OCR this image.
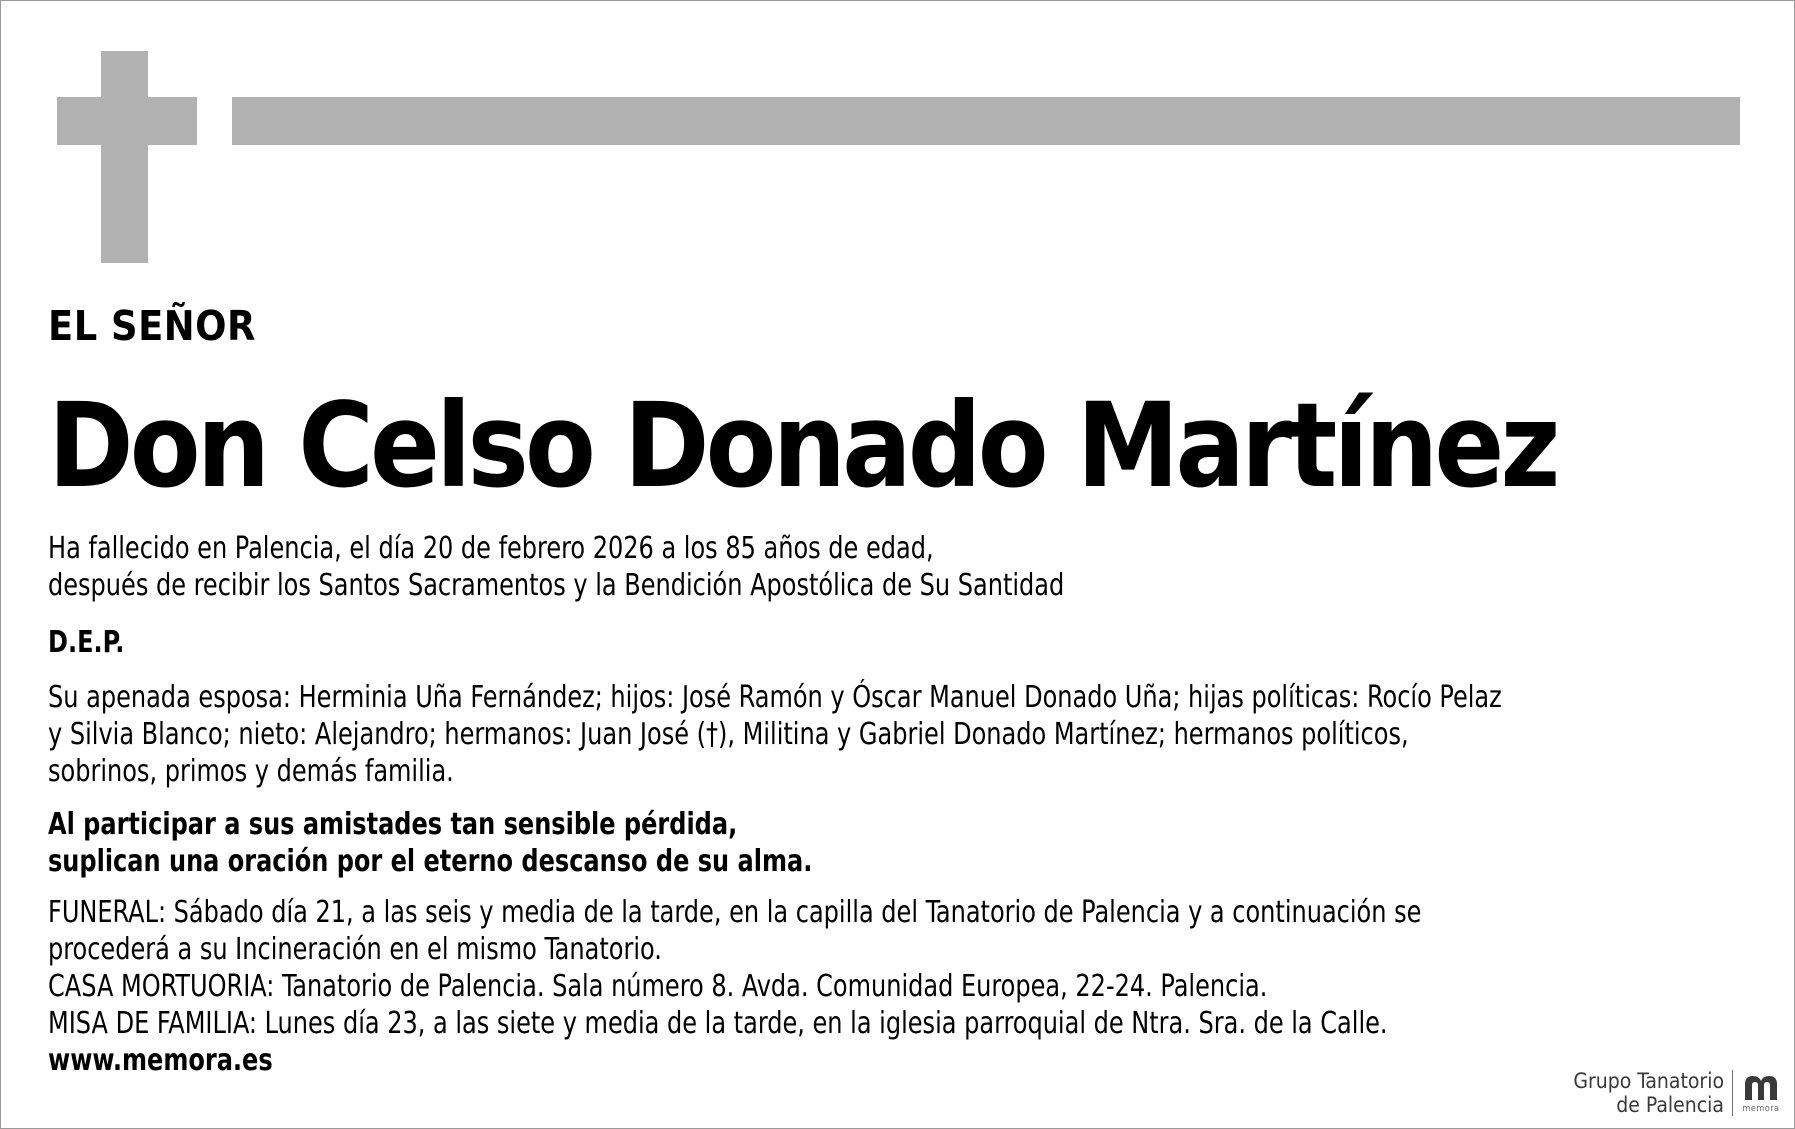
EL SEÑOR
Don Celso Donado Martínez
Ha fallecido en Palencia, el día 20 de febrero 2026 a los 85 años de edad,
después de recibir los Santos Sacramentos y la Bendición Apostólica de Su Santidad
D.E.P.
Su apenada esposa: Herminia Uña Fernández; hijos: José Ramón y Óscar Manuel Donado Uña; hijas políticas: Rocío Pelaz
y Silvia Blanco; nieto: Alejandro; hermanos: Juan José (†), Militina y Gabriel Donado Martínez; hermanos políticos,
sobrinos, primos y demás familia.
Al participar a sus amistades tan sensible pérdida,
suplican una oración por el eterno descanso de su alma.
FUNERAL: Sábado día 21, a las seis y media de la tarde, en la capilla del Tanatorio de Palencia y a continuación se
procederá a su Incineración en el mismo Tanatorio.
CASA MORTUORIA: Tanatorio de Palencia. Sala número 8. Avda. Comunidad Europea, 22-24. Palencia.
MISA DE FAMILIA: Lunes día 23, a las siete y media de la tarde, en la iglesia parroquial de Ntra. Sra. de la Calle.
www.memora.es
Grupo Tanatorio
de Palencia memora
